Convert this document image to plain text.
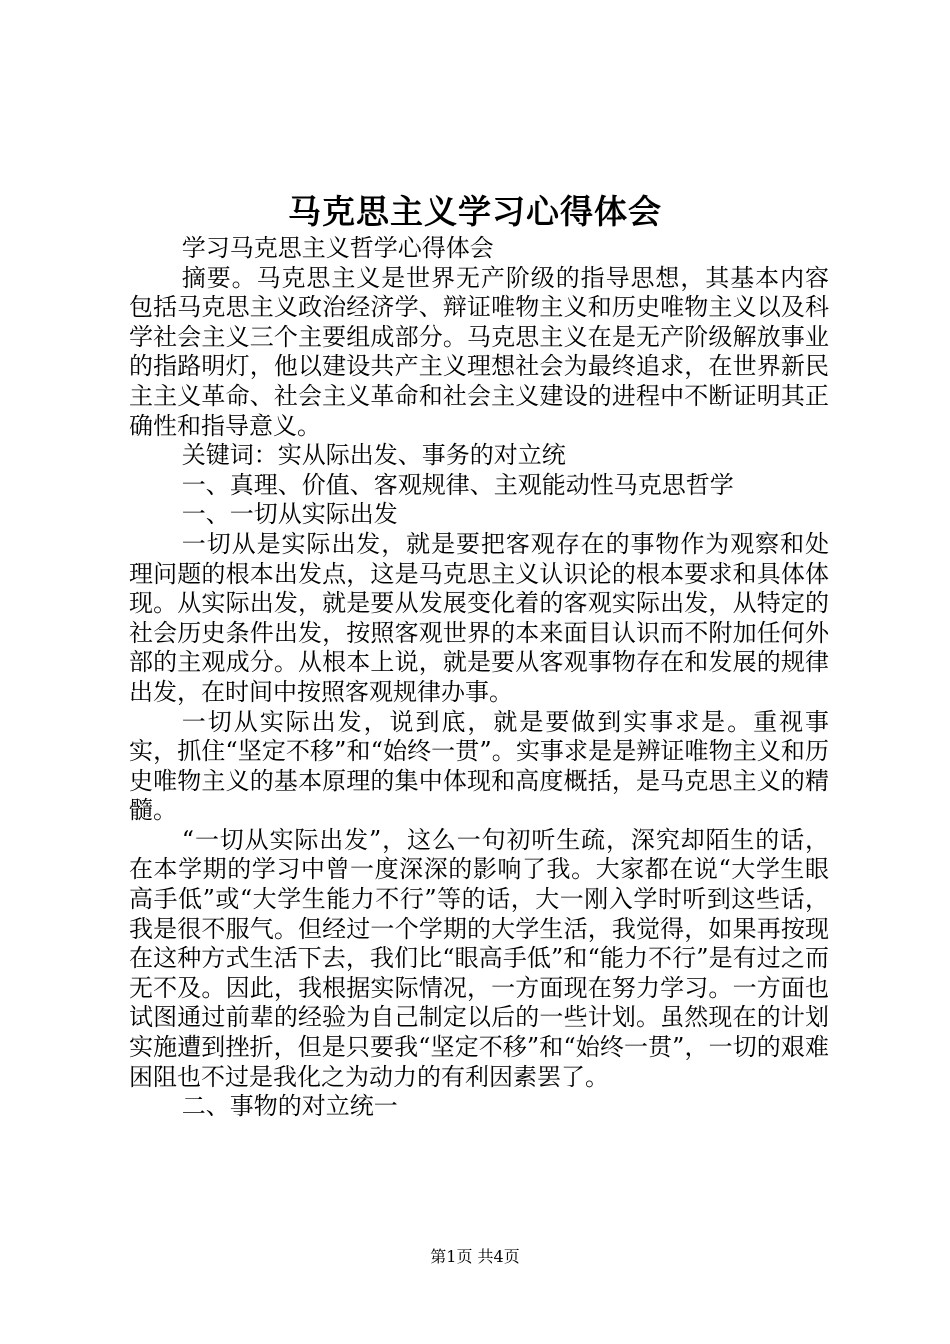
马克思主义学习心得体会

学习马克思主义哲学心得体会

摘要。马克思主义是世界无产阶级的指导思想，其基本内容包括马克思主义政治经济学、辩证唯物主义和历史唯物主义以及科学社会主义三个主要组成部分。马克思主义在是无产阶级解放事业的指路明灯，他以建设共产主义理想社会为最终追求，在世界新民主主义革命、社会主义革命和社会主义建设的进程中不断证明其正确性和指导意义。

关键词：实从际出发、事务的对立统

一、真理、价值、客观规律、主观能动性马克思哲学

一、一切从实际出发

一切从是实际出发，就是要把客观存在的事物作为观察和处理问题的根本出发点，这是马克思主义认识论的根本要求和具体体现。从实际出发，就是要从发展变化着的客观实际出发，从特定的社会历史条件出发，按照客观世界的本来面目认识而不附加任何外部的主观成分。从根本上说，就是要从客观事物存在和发展的规律出发，在时间中按照客观规律办事。

一切从实际出发，说到底，就是要做到实事求是。重视事实，抓住“坚定不移”和“始终一贯”。实事求是是辨证唯物主义和历史唯物主义的基本原理的集中体现和高度概括，是马克思主义的精髓。

“一切从实际出发”，这么一句初听生疏，深究却陌生的话，在本学期的学习中曾一度深深的影响了我。大家都在说“大学生眼高手低”或“大学生能力不行”等的话，大一刚入学时听到这些话，我是很不服气。但经过一个学期的大学生活，我觉得，如果再按现在这种方式生活下去，我们比“眼高手低”和“能力不行”是有过之而无不及。因此，我根据实际情况，一方面现在努力学习。一方面也试图通过前辈的经验为自己制定以后的一些计划。虽然现在的计划实施遭到挫折，但是只要我“坚定不移”和“始终一贯”，一切的艰难困阻也不过是我化之为动力的有利因素罢了。

二、事物的对立统一

第1页 共4页
